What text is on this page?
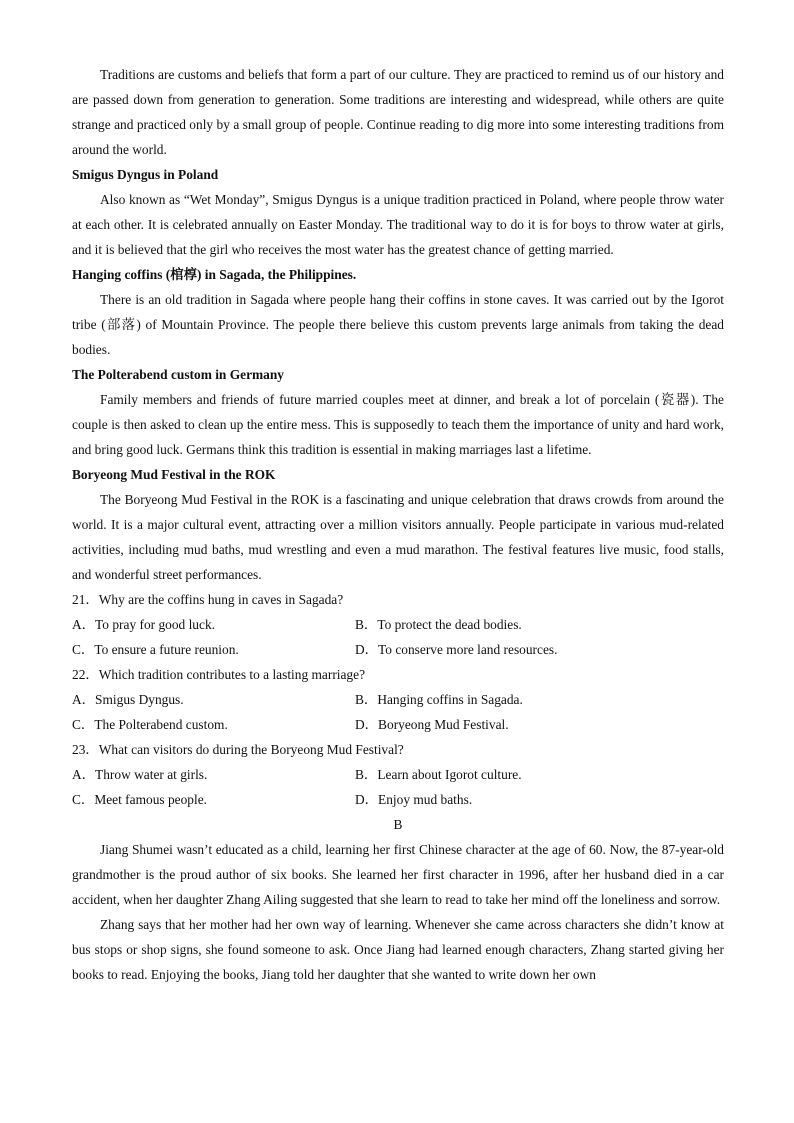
Traditions are customs and beliefs that form a part of our culture. They are practiced to remind us of our history and are passed down from generation to generation. Some traditions are interesting and widespread, while others are quite strange and practiced only by a small group of people. Continue reading to dig more into some interesting traditions from around the world.

Smigus Dyngus in Poland

Also known as “Wet Monday”, Smigus Dyngus is a unique tradition practiced in Poland, where people throw water at each other. It is celebrated annually on Easter Monday. The traditional way to do it is for boys to throw water at girls, and it is believed that the girl who receives the most water has the greatest chance of getting married.

Hanging coffins (棺椁) in Sagada, the Philippines.

There is an old tradition in Sagada where people hang their coffins in stone caves. It was carried out by the Igorot tribe (部落) of Mountain Province. The people there believe this custom prevents large animals from taking the dead bodies.

The Polterabend custom in Germany

Family members and friends of future married couples meet at dinner, and break a lot of porcelain (瓷器). The couple is then asked to clean up the entire mess. This is supposedly to teach them the importance of unity and hard work, and bring good luck. Germans think this tradition is essential in making marriages last a lifetime.

Boryeong Mud Festival in the ROK

The Boryeong Mud Festival in the ROK is a fascinating and unique celebration that draws crowds from around the world. It is a major cultural event, attracting over a million visitors annually. People participate in various mud-related activities, including mud baths, mud wrestling and even a mud marathon. The festival features live music, food stalls, and wonderful street performances.

21．Why are the coffins hung in caves in Sagada?

A．To pray for good luck.	B．To protect the dead bodies.
C．To ensure a future reunion.	D．To conserve more land resources.

22．Which tradition contributes to a lasting marriage?

A．Smigus Dyngus.	B．Hanging coffins in Sagada.
C．The Polterabend custom.	D．Boryeong Mud Festival.

23．What can visitors do during the Boryeong Mud Festival?

A．Throw water at girls.	B．Learn about Igorot culture.
C．Meet famous people.	D．Enjoy mud baths.
B

Jiang Shumei wasn’t educated as a child, learning her first Chinese character at the age of 60. Now, the 87-year-old grandmother is the proud author of six books. She learned her first character in 1996, after her husband died in a car accident, when her daughter Zhang Ailing suggested that she learn to read to take her mind off the loneliness and sorrow.

Zhang says that her mother had her own way of learning. Whenever she came across characters she didn’t know at bus stops or shop signs, she found someone to ask. Once Jiang had learned enough characters, Zhang started giving her books to read. Enjoying the books, Jiang told her daughter that she wanted to write down her own
